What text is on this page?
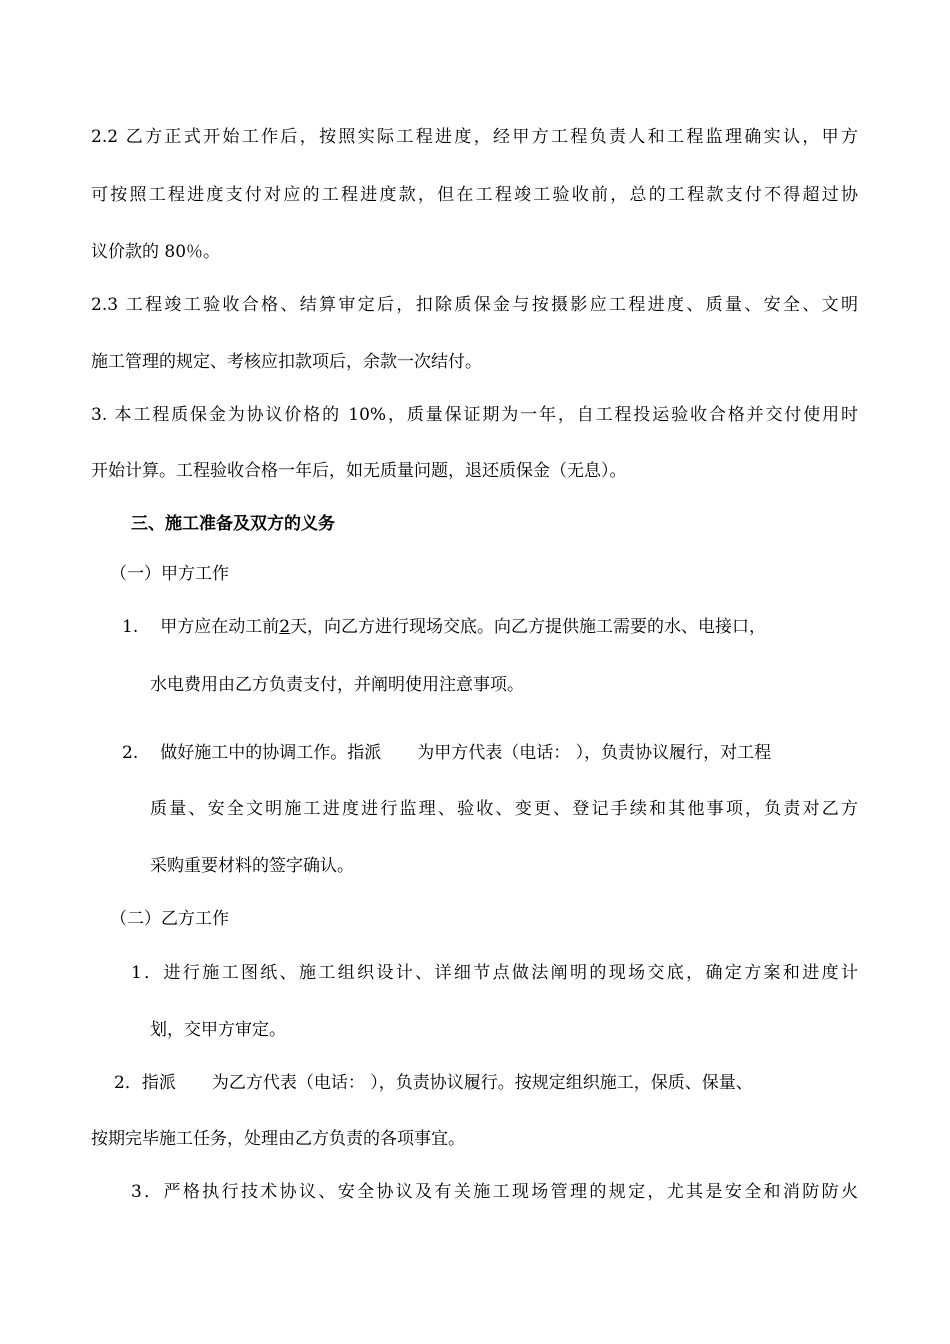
2.2 乙方正式开始工作后，按照实际工程进度，经甲方工程负责人和工程监理确实认，甲方
可按照工程进度支付对应的工程进度款，但在工程竣工验收前，总的工程款支付不得超过协
议价款的 80％。
2.3 工程竣工验收合格、结算审定后，扣除质保金与按摄影应工程进度、质量、安全、文明
施工管理的规定、考核应扣款项后，余款一次结付。
3. 本工程质保金为协议价格的 10%，质量保证期为一年，自工程投运验收合格并交付使用时
开始计算。工程验收合格一年后，如无质量问题，退还质保金（无息）。
三、施工准备及双方的义务
（一）甲方工作
1. 甲方应在动工前2天，向乙方进行现场交底。向乙方提供施工需要的水、电接口，
水电费用由乙方负责支付，并阐明使用注意事项。
2. 做好施工中的协调工作。指派 为甲方代表（电话： ），负责协议履行，对工程
质量、安全文明施工进度进行监理、验收、变更、登记手续和其他事项，负责对乙方
采购重要材料的签字确认。
（二）乙方工作
1．进行施工图纸、施工组织设计、详细节点做法阐明的现场交底，确定方案和进度计
划，交甲方审定。
2．指派 为乙方代表（电话： ），负责协议履行。按规定组织施工，保质、保量、
按期完毕施工任务，处理由乙方负责的各项事宜。
3．严格执行技术协议、安全协议及有关施工现场管理的规定，尤其是安全和消防防火
